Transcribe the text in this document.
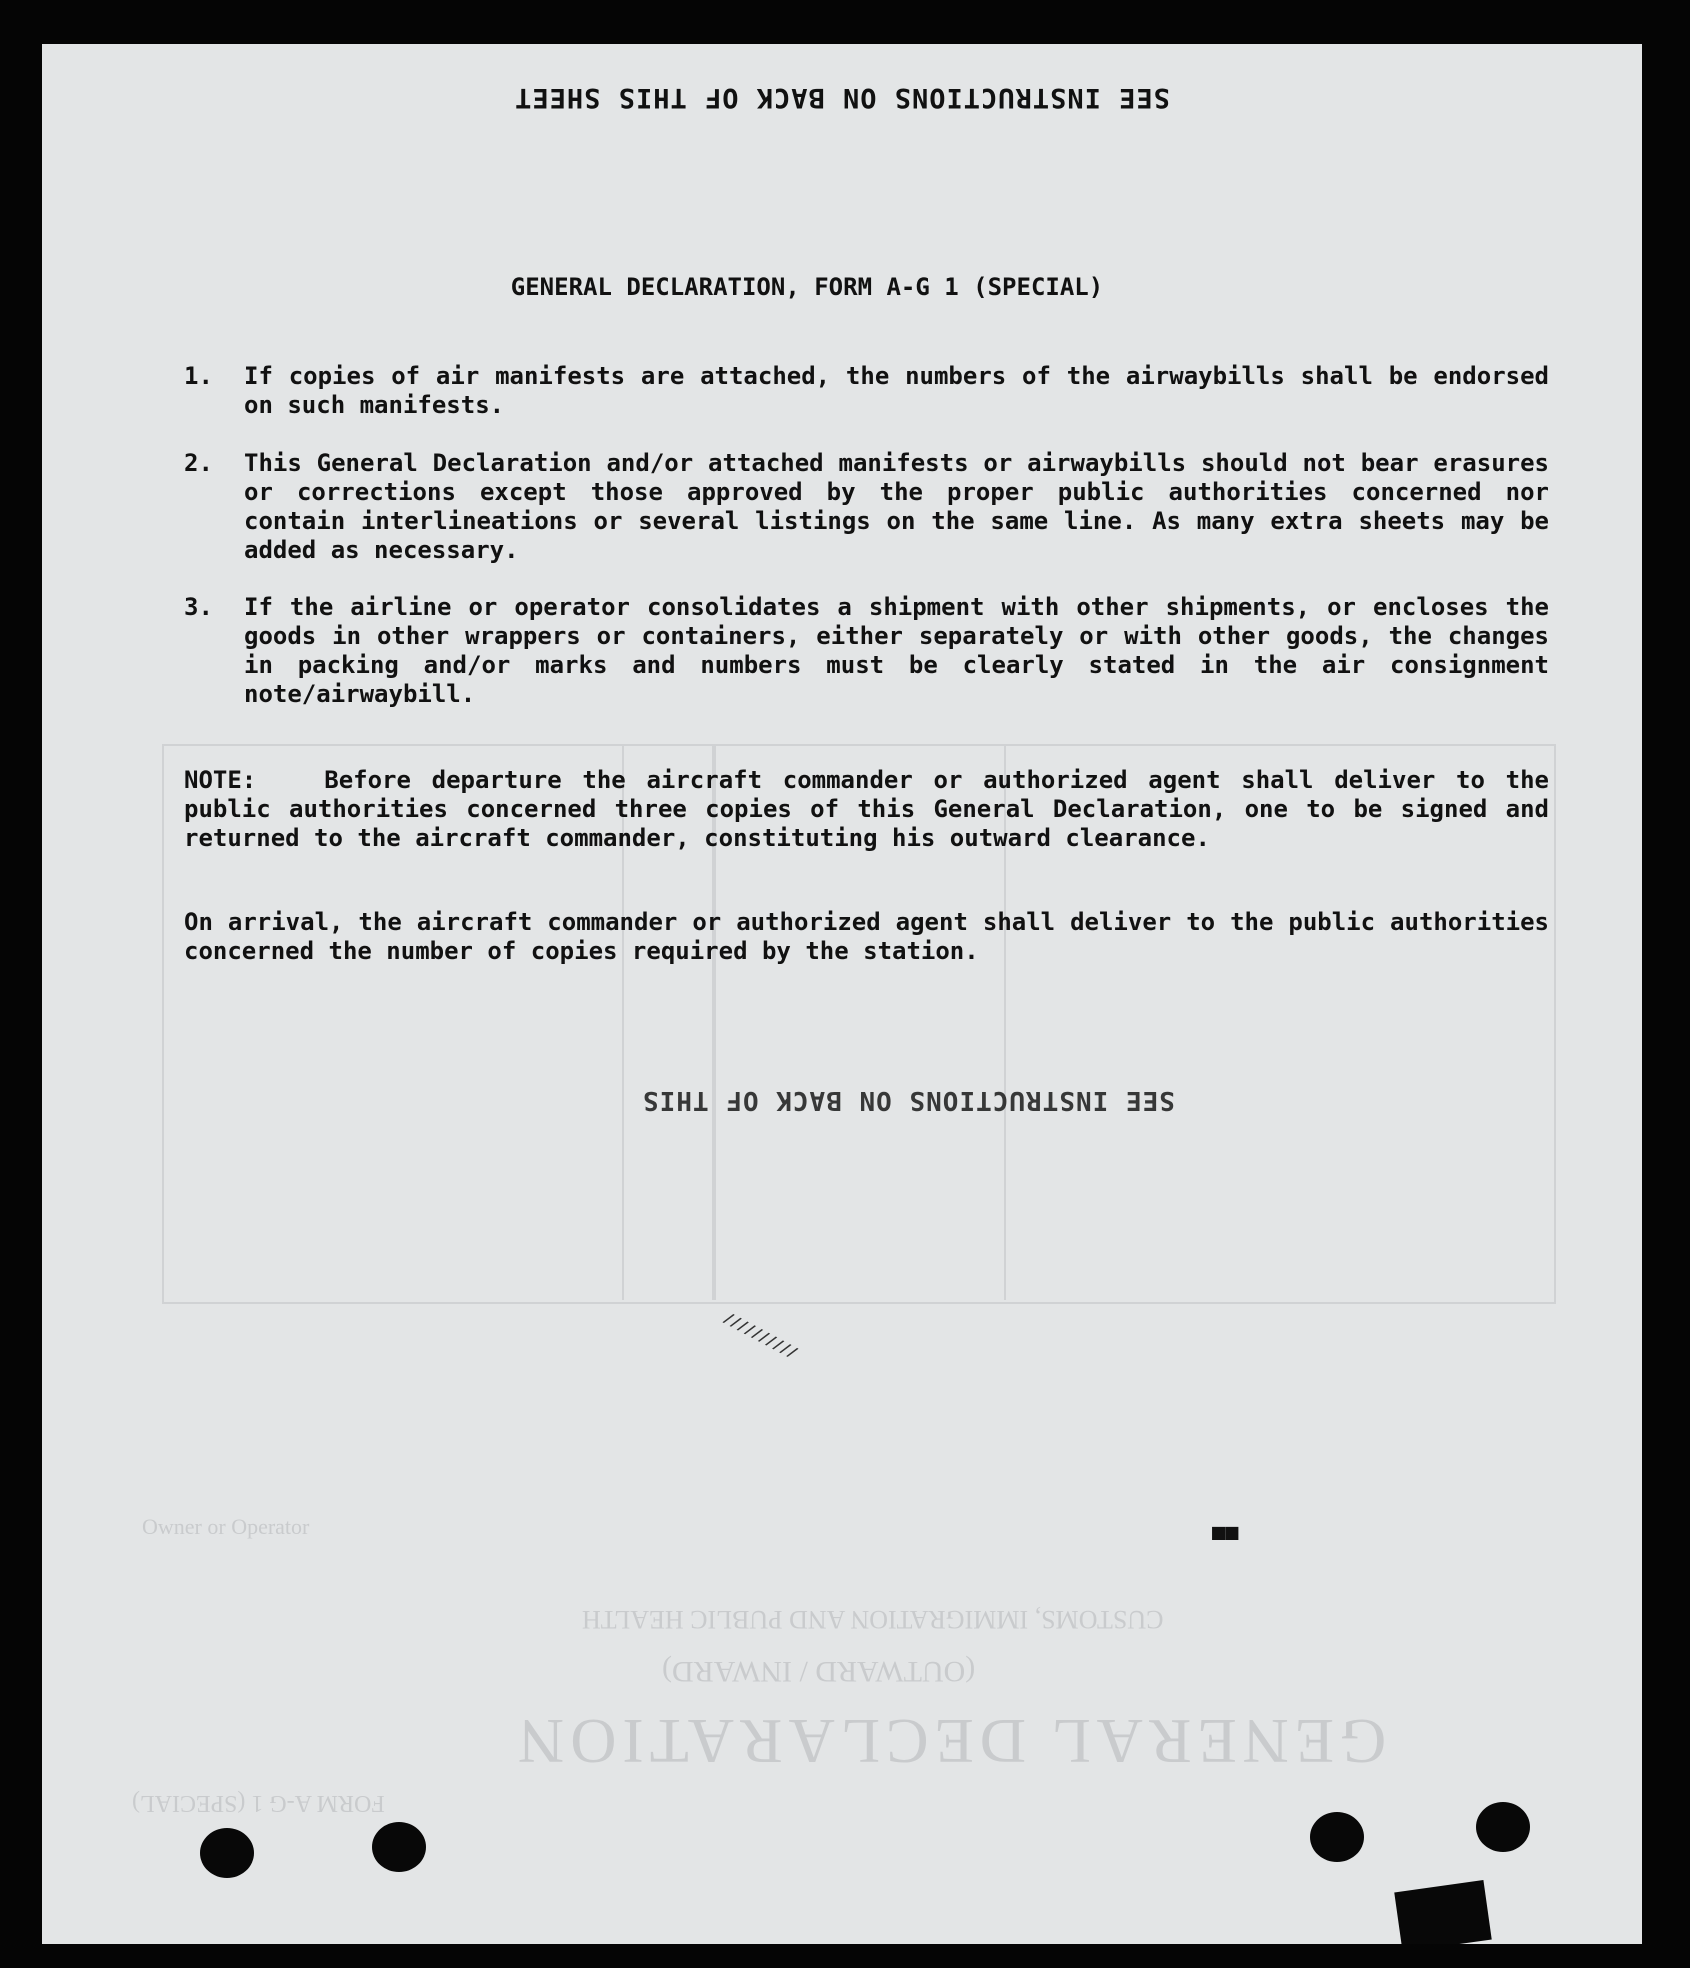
GENERAL DECLARATION
(OUTWARD / INWARD)
CUSTOMS, IMMIGRATION AND PUBLIC HEALTH
Owner or Operator
FORM A-G 1 (SPECIAL)
SEE INSTRUCTIONS ON BACK OF THIS SHEET
GENERAL DECLARATION, FORM A-G 1 (SPECIAL)
1. If copies of air manifests are attached, the numbers of the airwaybills shall be endorsed on such manifests.
2. This General Declaration and/or attached manifests or airwaybills should not bear erasures or corrections except those approved by the proper public authorities concerned nor contain interlineations or several listings on the same line. As many extra sheets may be added as necessary.
3. If the airline or operator consolidates a shipment with other shipments, or encloses the goods in other wrappers or containers, either separately or with other goods, the changes in packing and/or marks and numbers must be clearly stated in the air consignment note/airwaybill.
NOTE:	Before departure the aircraft commander or authorized agent shall deliver to the public authorities concerned three copies of this General Declaration, one to be signed and returned to the aircraft commander, constituting his outward clearance.
On arrival, the aircraft commander or authorized agent shall deliver to the public authorities concerned the number of copies required by the station.
SEE INSTRUCTIONS ON BACK OF THIS
■■
//////////
